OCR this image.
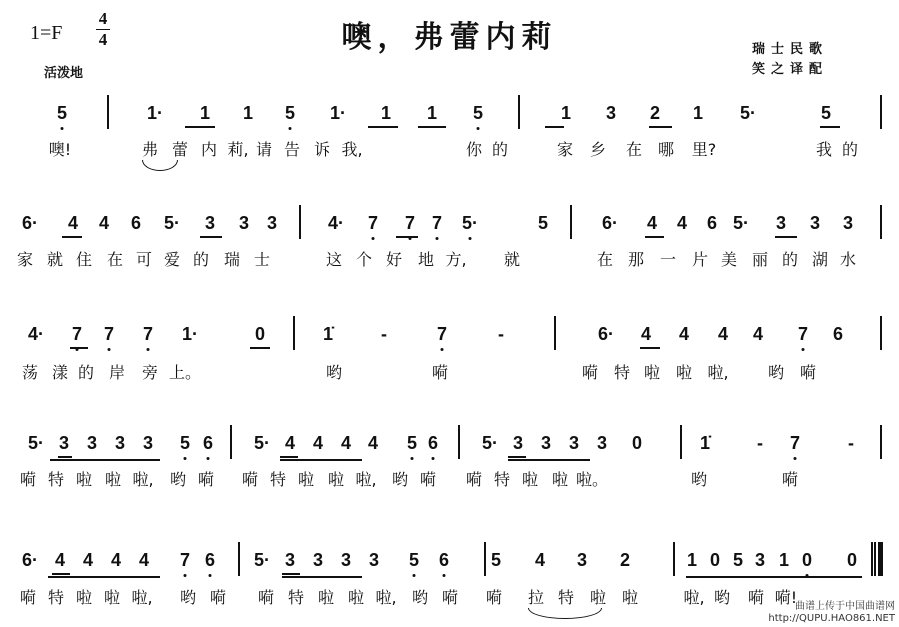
1=F
4
4
活泼地
噢，弗蕾内莉	瑞士民歌
笑之译配
5	1· 1 1 5 1· 1 1 5	1 3 2 1 5·	5
噢!	弗 蕾 内 莉, 请 告 诉 我,	你 的	家 乡 在 哪 里?	我 的
6· 4 4 6 5· 3 3 3	4· 7 7 7 5·	5	6· 4 4 6 5· 3 3 3
家 就 住 在 可 爱 的 瑞 士	这 个 好 地 方, 就	在 那 一 片 美 丽 的 湖 水
4· 7 7 7 1·	0	1̇	-	7	-	6· 4 4 4 4 7 6
荡 漾 的 岸 旁 上。	哟	嗬	嗬 特 啦 啦 啦, 哟 嗬
5· 3 3 3 3 5 6 5· 4 4 4 4 5 6 5· 3 3 3 3 0	1̇	- 7	-
嗬 特 啦 啦 啦, 哟 嗬 嗬 特 啦 啦 啦, 哟 嗬 嗬 特 啦 啦 啦。	哟	嗬
6· 4 4 4 4 7 6 5· 3 3 3 3 5 6 5 4 3 2	1 0 5 3 1 0 0
嗬 特 啦 啦 啦, 哟 嗬 嗬 特 啦 啦 啦, 哟 嗬 嗬 拉 特 啦 啦	啦, 哟 嗬 嗬!
曲谱上传于中国曲谱网
http://QUPU.HAO861.NET
